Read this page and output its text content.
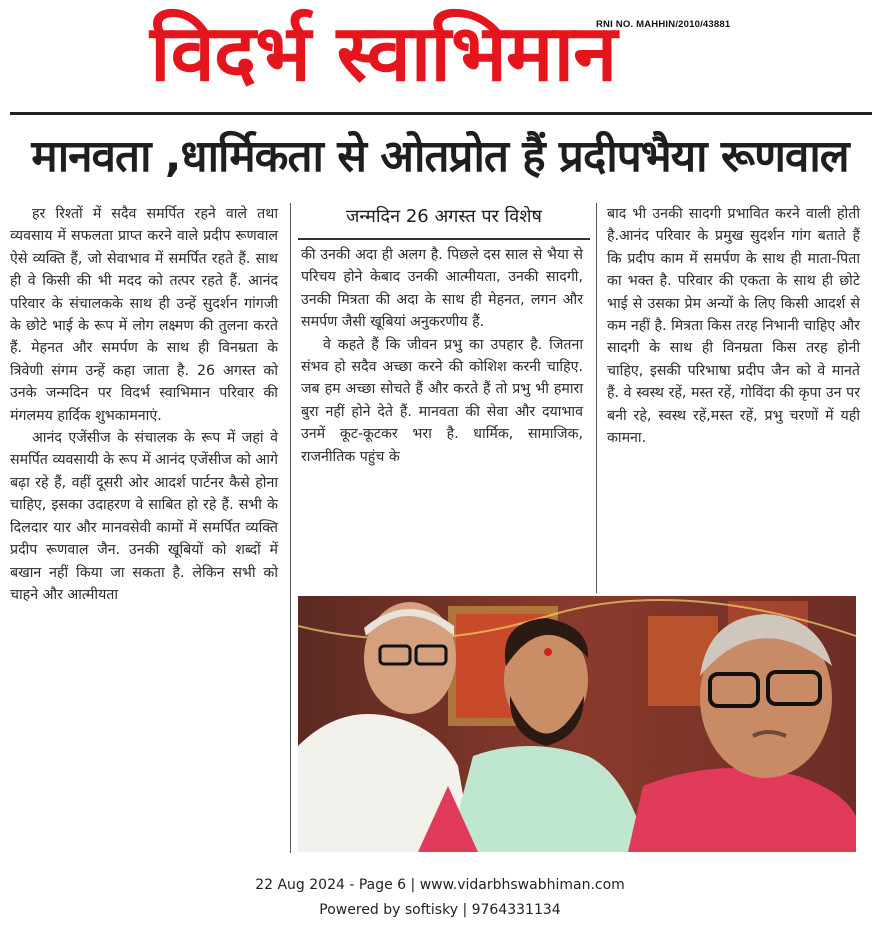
विदर्भ स्वाभिमान
RNI NO. MAHHIN/2010/43881
मानवता ,धार्मिकता से ओतप्रोत हैं प्रदीपभैया रूणवाल

हर रिश्तों में सदैव समर्पित रहने वाले तथा व्यवसाय में सफलता प्राप्त करने वाले प्रदीप रूणवाल ऐसे व्यक्ति हैं, जो सेवाभाव में समर्पित रहते हैं. साथ ही वे किसी की भी मदद को तत्पर रहते हैं. आनंद परिवार के संचालकके साथ ही उन्हें सुदर्शन गांगजी के छोटे भाई के रूप में लोग लक्ष्मण की तुलना करते हैं. मेहनत और समर्पण के साथ ही विनम्रता के त्रिवेणी संगम उन्हें कहा जाता है. 26 अगस्त को उनके जन्मदिन पर विदर्भ स्वाभिमान परिवार की मंगलमय हार्दिक शुभकामनाएं.

आनंद एजेंसीज के संचालक के रूप में जहां वे समर्पित व्यवसायी के रूप में आनंद एजेंसीज को आगे बढ़ा रहे हैं, वहीं दूसरी ओर आदर्श पार्टनर कैसे होना चाहिए, इसका उदाहरण वे साबित हो रहे हैं. सभी के दिलदार यार और मानवसेवी कामों में समर्पित व्यक्ति प्रदीप रूणवाल जैन. उनकी खूबियों को शब्दों में बखान नहीं किया जा सकता है. लेकिन सभी को चाहने और आत्मीयता

जन्मदिन 26 अगस्त पर विशेष

की उनकी अदा ही अलग है. पिछले दस साल से भैया से परिचय होने केबाद उनकी आत्मीयता, उनकी सादगी, उनकी मित्रता की अदा के साथ ही मेहनत, लगन और समर्पण जैसी खूबियां अनुकरणीय हैं.

वे कहते हैं कि जीवन प्रभु का उपहार है. जितना संभव हो सदैव अच्छा करने की कोशिश करनी चाहिए. जब हम अच्छा सोचते हैं और करते हैं तो प्रभु भी हमारा बुरा नहीं होने देते हैं. मानवता की सेवा और दयाभाव उनमें कूट-कूटकर भरा है. धार्मिक, सामाजिक, राजनीतिक पहुंच के

बाद भी उनकी सादगी प्रभावित करने वाली होती है.आनंद परिवार के प्रमुख सुदर्शन गांग बताते हैं कि प्रदीप काम में समर्पण के साथ ही माता-पिता का भक्त है. परिवार की एकता के साथ ही छोटे भाई से उसका प्रेम अन्यों के लिए किसी आदर्श से कम नहीं है. मित्रता किस तरह निभानी चाहिए और सादगी के साथ ही विनम्रता किस तरह होनी चाहिए, इसकी परिभाषा प्रदीप जैन को वे मानते हैं. वे स्वस्थ रहें, मस्त रहें, गोविंदा की कृपा उन पर बनी रहे, स्वस्थ रहें,मस्त रहें, प्रभु चरणों में यही कामना.

22 Aug 2024 - Page 6 | www.vidarbhswabhiman.com
Powered by softisky | 9764331134
